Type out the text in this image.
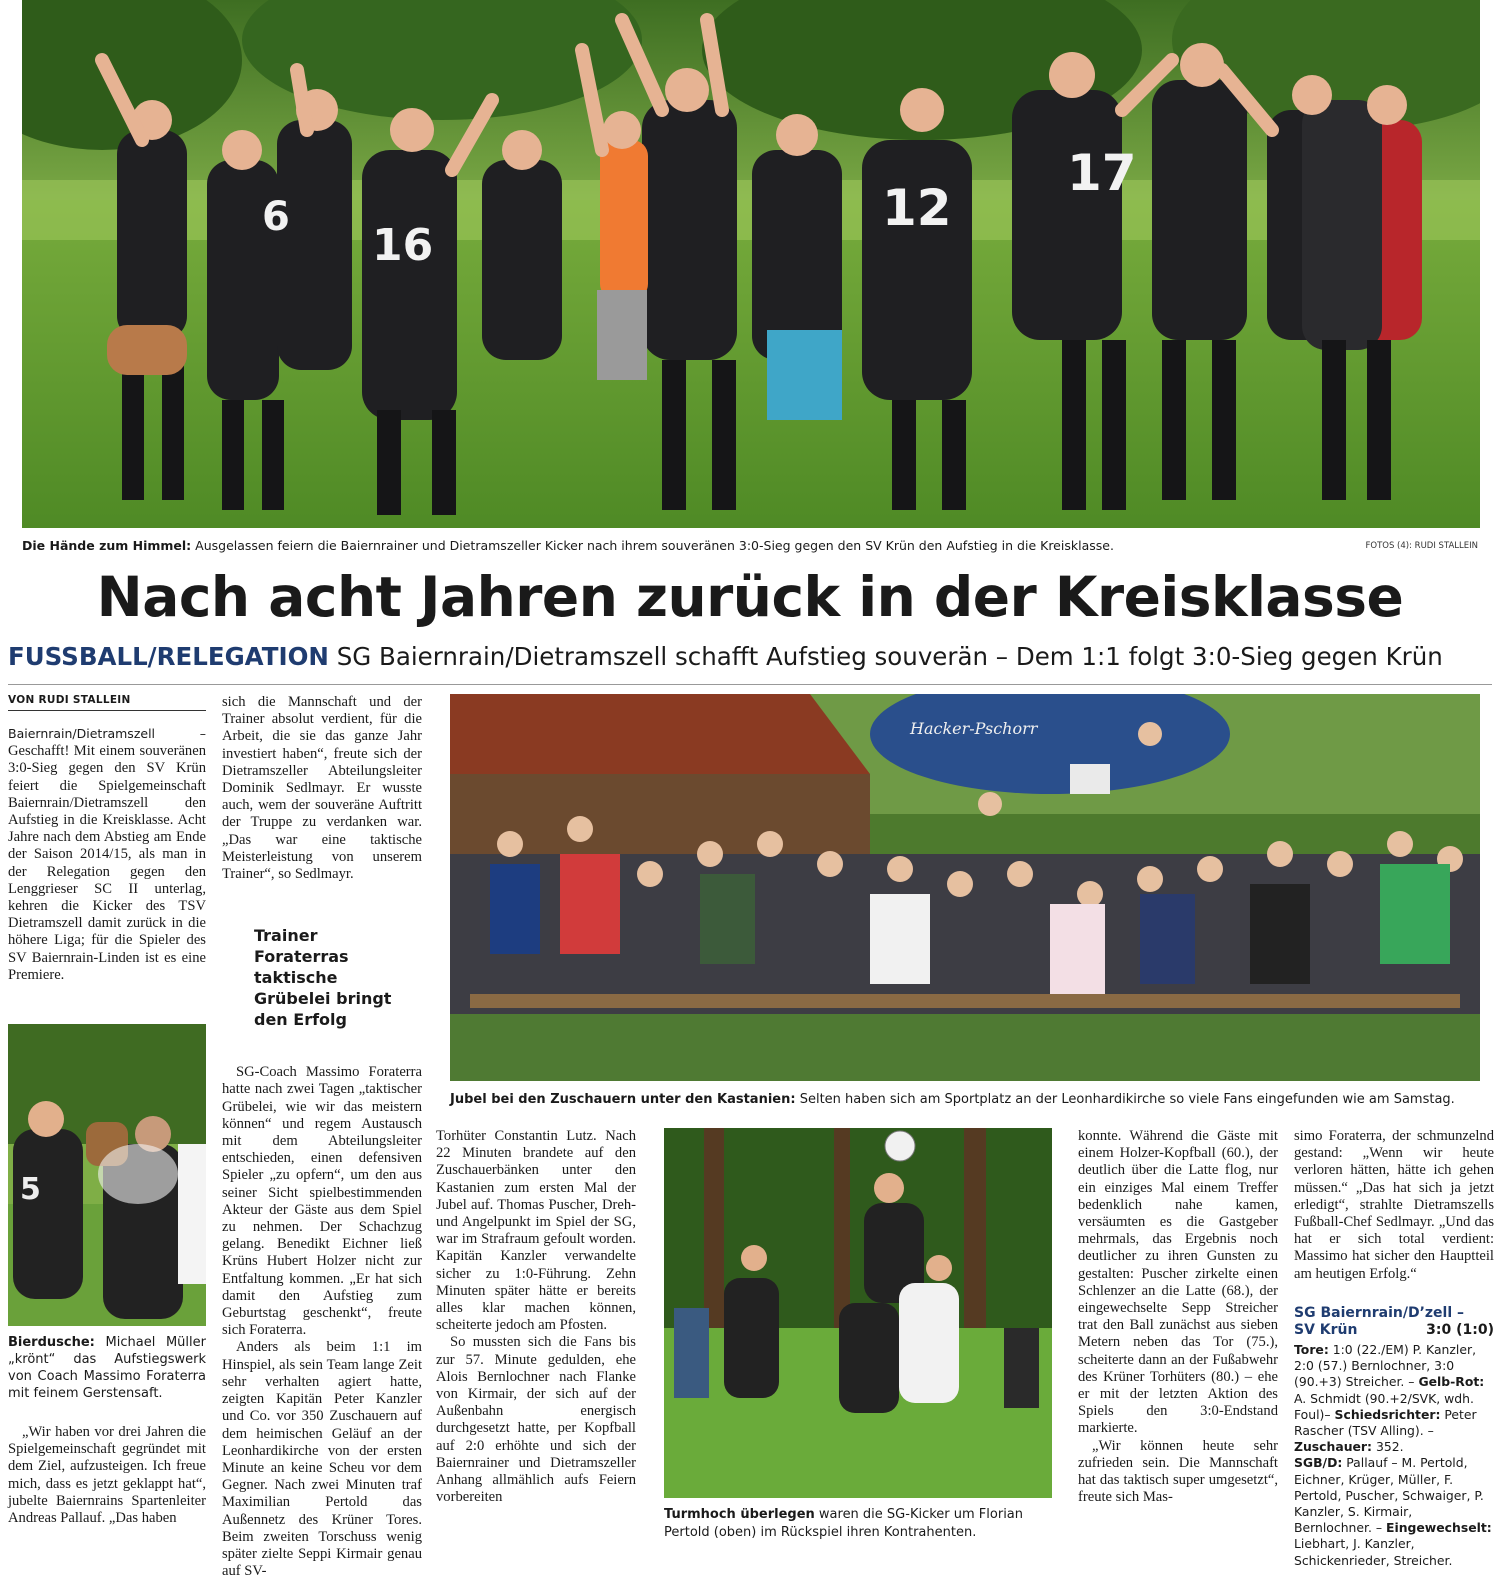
6
16
12
17
Die Hände zum Himmel: Ausgelassen feiern die Baiernrainer und Dietramszeller Kicker nach ihrem souveränen 3:0-Sieg gegen den SV Krün den Aufstieg in die Kreisklasse.	FOTOS (4): RUDI STALLEIN
Nach acht Jahren zurück in der Kreisklasse
FUSSBALL/RELEGATION SG Baiernrain/Dietramszell schafft Aufstieg souverän – Dem 1:1 folgt 3:0-Sieg gegen Krün
VON RUDI STALLEIN

Baiernrain/Dietramszell – Geschafft! Mit einem souveränen 3:0-Sieg gegen den SV Krün feiert die Spielgemeinschaft Baiernrain/Dietramszell den Aufstieg in die Kreisklasse. Acht Jahre nach dem Abstieg am Ende der Saison 2014/15, als man in der Relegation gegen den Lenggrieser SC II unterlag, kehren die Kicker des TSV Dietramszell damit zurück in die höhere Liga; für die Spieler des SV Baiernrain-Linden ist es eine Premiere.

5
Bierdusche: Michael Müller „krönt“ das Aufstiegswerk von Coach Massimo Foraterra mit feinem Gerstensaft.

„Wir haben vor drei Jahren die Spielgemeinschaft gegründet mit dem Ziel, aufzusteigen. Ich freue mich, dass es jetzt geklappt hat“, jubelte Baiernrains Spartenleiter Andreas Pallauf. „Das haben

sich die Mannschaft und der Trainer absolut verdient, für die Arbeit, die sie das ganze Jahr investiert haben“, freute sich der Dietramszeller Abteilungsleiter Dominik Sedlmayr. Er wusste auch, wem der souveräne Auftritt der Truppe zu verdanken war. „Das war eine taktische Meisterleistung von unserem Trainer“, so Sedlmayr.

Trainer Foraterras taktische Grübelei bringt den Erfolg

SG-Coach Massimo Foraterra hatte nach zwei Tagen „taktischer Grübelei, wie wir das meistern können“ und regem Austausch mit dem Abteilungsleiter entschieden, einen defensiven Spieler „zu opfern“, um den aus seiner Sicht spielbestimmenden Akteur der Gäste aus dem Spiel zu nehmen. Der Schachzug gelang. Benedikt Eichner ließ Krüns Hubert Holzer nicht zur Entfaltung kommen. „Er hat sich damit den Aufstieg zum Geburtstag geschenkt“, freute sich Foraterra.

Anders als beim 1:1 im Hinspiel, als sein Team lange Zeit sehr verhalten agiert hatte, zeigten Kapitän Peter Kanzler und Co. vor 350 Zuschauern auf dem heimischen Geläuf an der Leonhardikirche von der ersten Minute an keine Scheu vor dem Gegner. Nach zwei Minuten traf Maximilian Pertold das Außennetz des Krüner Tores. Beim zweiten Torschuss wenig später zielte Seppi Kirmair genau auf SV-

Hacker-Pschorr
Jubel bei den Zuschauern unter den Kastanien: Selten haben sich am Sportplatz an der Leonhardikirche so viele Fans eingefunden wie am Samstag.

Torhüter Constantin Lutz. Nach 22 Minuten brandete auf den Zuschauerbänken unter den Kastanien zum ersten Mal der Jubel auf. Thomas Puscher, Dreh- und Angelpunkt im Spiel der SG, war im Strafraum gefoult worden. Kapitän Kanzler verwandelte sicher zu 1:0-Führung. Zehn Minuten später hätte er bereits alles klar machen können, scheiterte jedoch am Pfosten.

So mussten sich die Fans bis zur 57. Minute gedulden, ehe Alois Bernlochner nach Flanke von Kirmair, der sich auf der Außenbahn energisch durchgesetzt hatte, per Kopfball auf 2:0 erhöhte und sich der Baiernrainer und Dietramszeller Anhang allmählich aufs Feiern vorbereiten

Turmhoch überlegen waren die SG-Kicker um Florian Pertold (oben) im Rückspiel ihren Kontrahenten.

konnte. Während die Gäste mit einem Holzer-Kopfball (60.), der deutlich über die Latte flog, nur ein einziges Mal einem Treffer bedenklich nahe kamen, versäumten es die Gastgeber mehrmals, das Ergebnis noch deutlicher zu ihren Gunsten zu gestalten: Puscher zirkelte einen Schlenzer an die Latte (68.), der eingewechselte Sepp Streicher trat den Ball zunächst aus sieben Metern neben das Tor (75.), scheiterte dann an der Fußabwehr des Krüner Torhüters (80.) – ehe er mit der letzten Aktion des Spiels den 3:0-Endstand markierte.

„Wir können heute sehr zufrieden sein. Die Mannschaft hat das taktisch super umgesetzt“, freute sich Mas-

simo Foraterra, der schmunzelnd gestand: „Wenn wir heute verloren hätten, hätte ich gehen müssen.“ „Das hat sich ja jetzt erledigt“, strahlte Dietramszells Fußball-Chef Sedlmayr. „Und das hat er sich total verdient: Massimo hat sicher den Hauptteil am heutigen Erfolg.“

SG Baiernrain/D’zell –
SV Krün	3:0 (1:0)
Tore: 1:0 (22./EM) P. Kanzler, 2:0 (57.) Bernlochner, 3:0 (90.+3) Streicher. – Gelb-Rot: A. Schmidt (90.+2/SVK, wdh. Foul)– Schiedsrichter: Peter Rascher (TSV Alling). – Zuschauer: 352.
SGB/D: Pallauf – M. Pertold, Eichner, Krüger, Müller, F. Pertold, Puscher, Schwaiger, P. Kanzler, S. Kirmair, Bernlochner. – Eingewechselt: Liebhart, J. Kanzler, Schickenrieder, Streicher.
